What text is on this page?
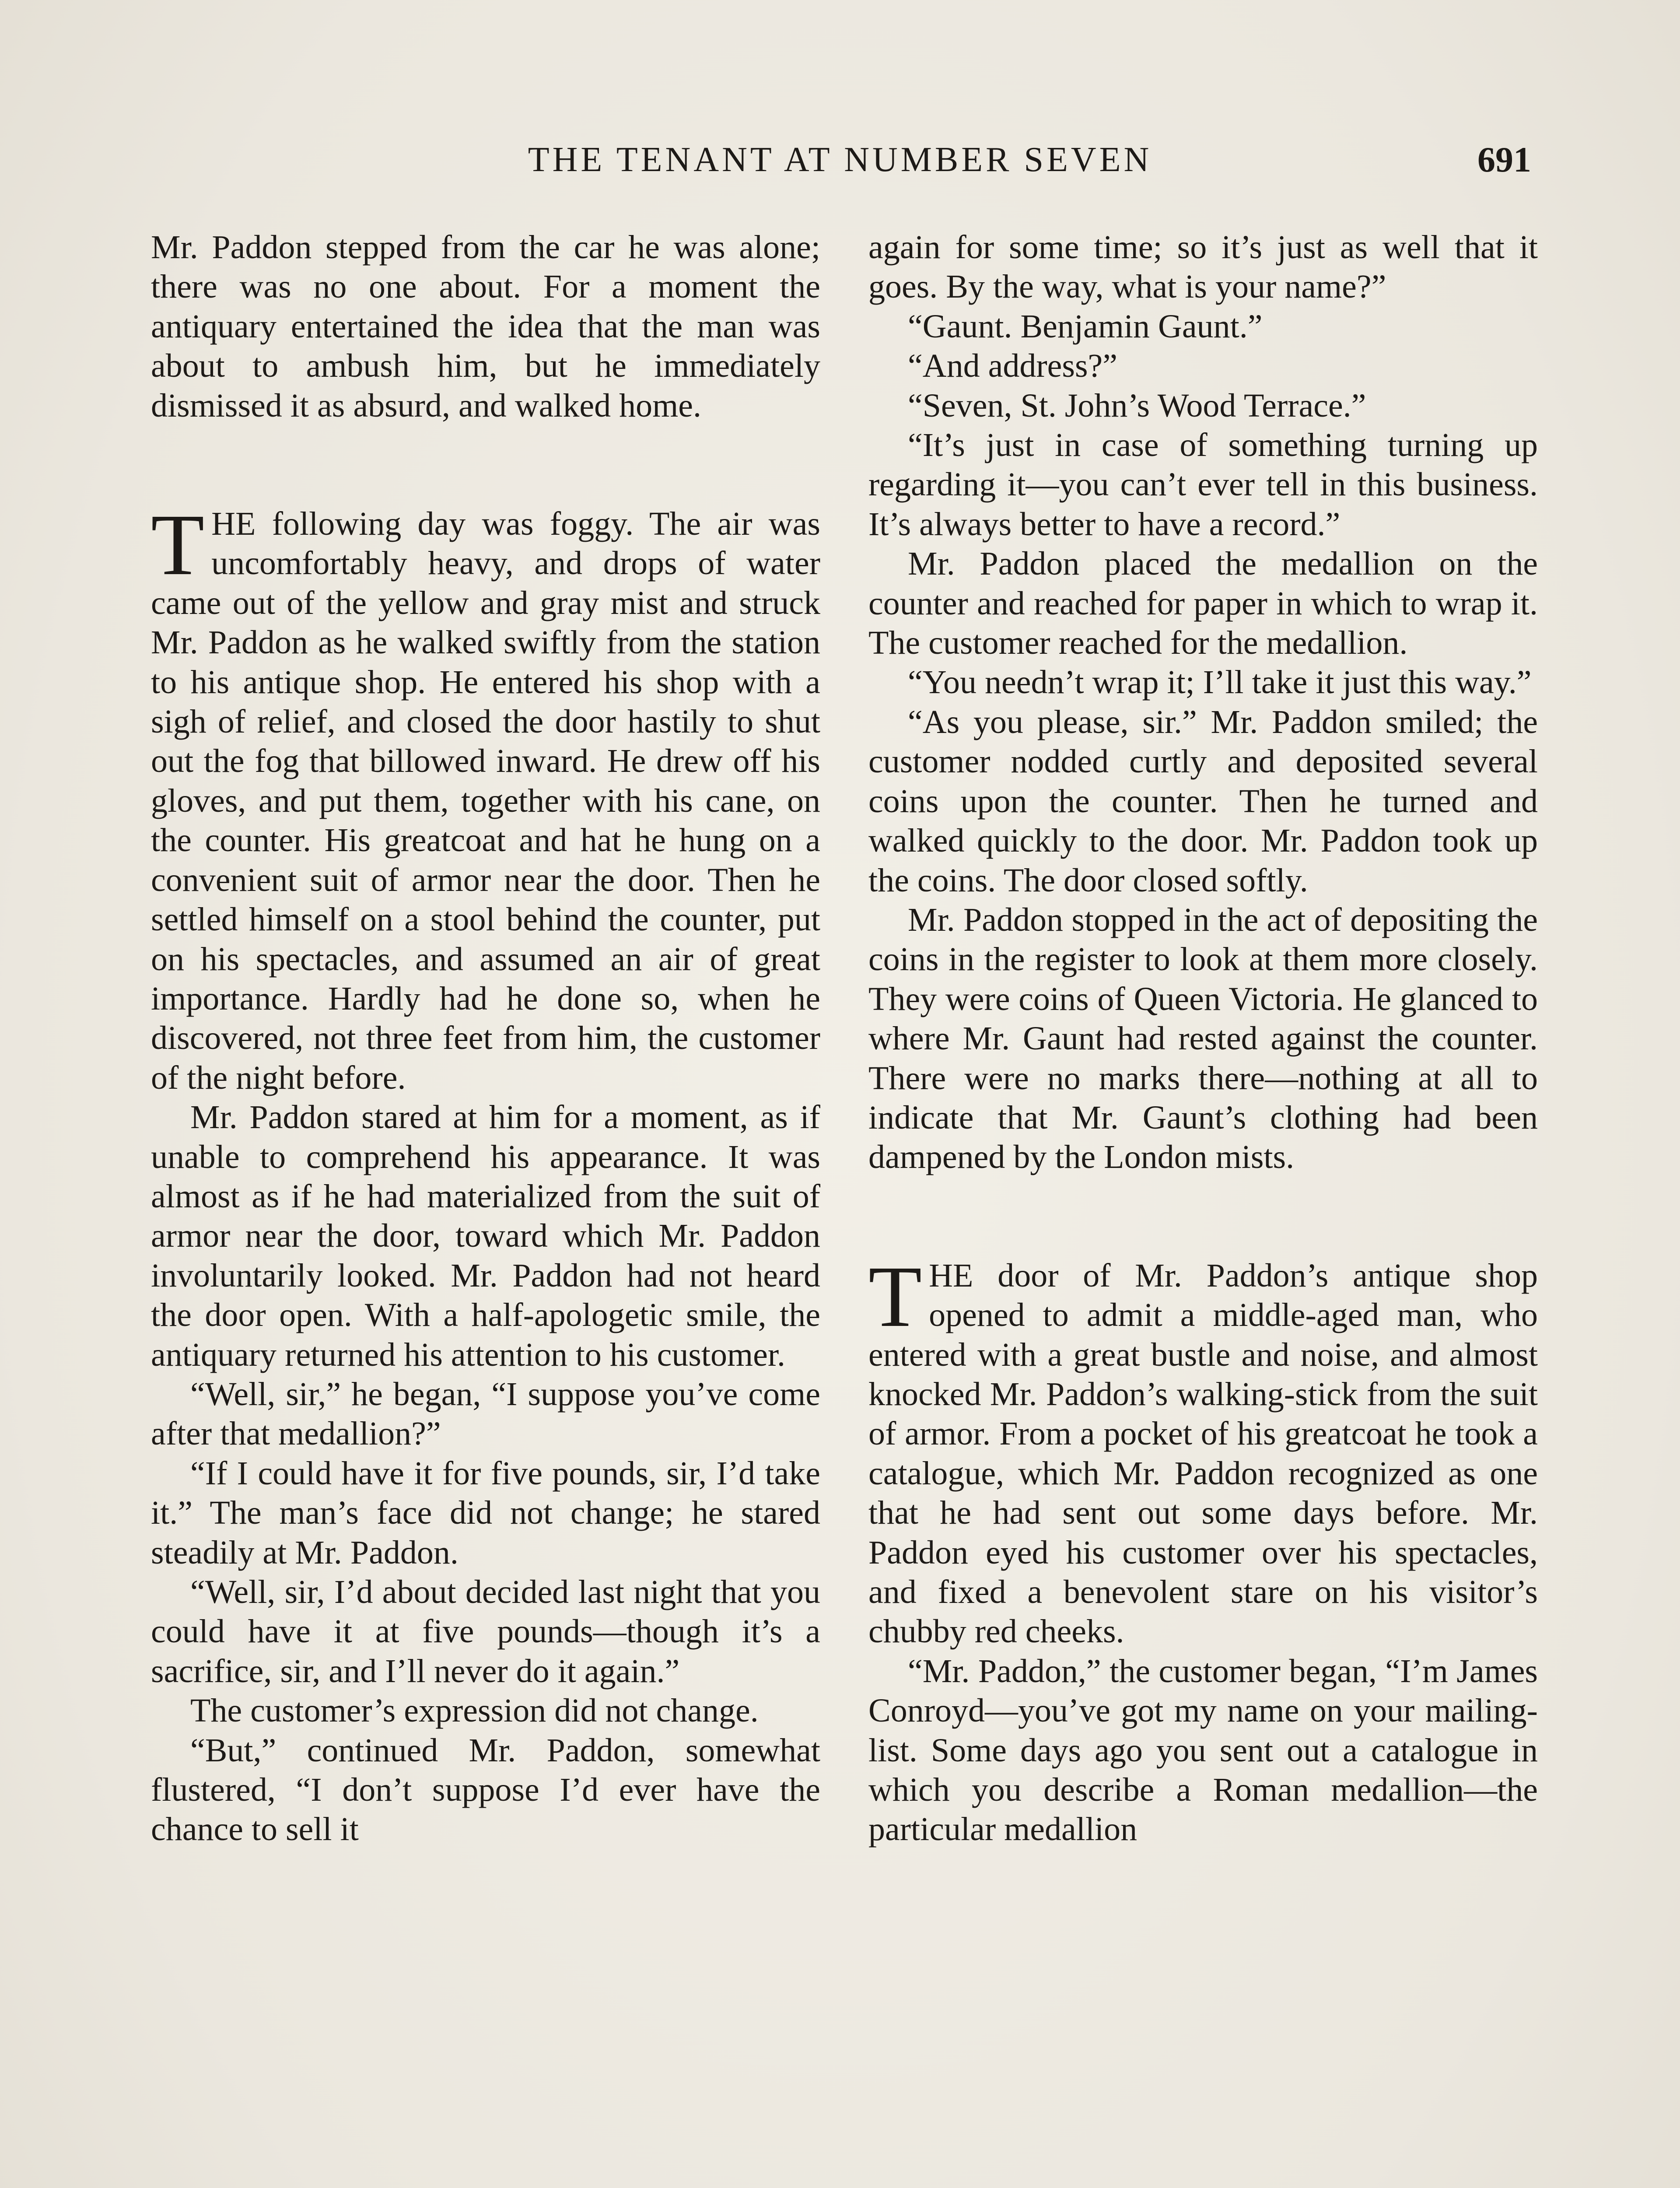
THE TENANT AT NUMBER SEVEN	691

Mr. Paddon stepped from the car he was alone; there was no one about. For a moment the antiquary entertained the idea that the man was about to ambush him, but he immediately dismissed it as absurd, and walked home.

THE following day was foggy. The air was uncomfortably heavy, and drops of water came out of the yellow and gray mist and struck Mr. Paddon as he walked swiftly from the station to his antique shop. He entered his shop with a sigh of relief, and closed the door hastily to shut out the fog that billowed inward. He drew off his gloves, and put them, together with his cane, on the counter. His greatcoat and hat he hung on a convenient suit of armor near the door. Then he settled himself on a stool behind the counter, put on his spectacles, and assumed an air of great importance. Hardly had he done so, when he discovered, not three feet from him, the customer of the night before.

Mr. Paddon stared at him for a moment, as if unable to comprehend his appearance. It was almost as if he had materialized from the suit of armor near the door, toward which Mr. Paddon involuntarily looked. Mr. Paddon had not heard the door open. With a half-apologetic smile, the antiquary returned his attention to his customer.

“Well, sir,” he began, “I suppose you’ve come after that medallion?”

“If I could have it for five pounds, sir, I’d take it.” The man’s face did not change; he stared steadily at Mr. Paddon.

“Well, sir, I’d about decided last night that you could have it at five pounds—though it’s a sacrifice, sir, and I’ll never do it again.”

The customer’s expression did not change.

“But,” continued Mr. Paddon, somewhat flustered, “I don’t suppose I’d ever have the chance to sell it

again for some time; so it’s just as well that it goes. By the way, what is your name?”

“Gaunt. Benjamin Gaunt.”

“And address?”

“Seven, St. John’s Wood Terrace.”

“It’s just in case of something turning up regarding it—you can’t ever tell in this business. It’s always better to have a record.”

Mr. Paddon placed the medallion on the counter and reached for paper in which to wrap it. The customer reached for the medallion.

“You needn’t wrap it; I’ll take it just this way.”

“As you please, sir.” Mr. Paddon smiled; the customer nodded curtly and deposited several coins upon the counter. Then he turned and walked quickly to the door. Mr. Paddon took up the coins. The door closed softly.

Mr. Paddon stopped in the act of depositing the coins in the register to look at them more closely. They were coins of Queen Victoria. He glanced to where Mr. Gaunt had rested against the counter. There were no marks there—nothing at all to indicate that Mr. Gaunt’s clothing had been dampened by the London mists.

THE door of Mr. Paddon’s antique shop opened to admit a middle-aged man, who entered with a great bustle and noise, and almost knocked Mr. Paddon’s walking-stick from the suit of armor. From a pocket of his greatcoat he took a catalogue, which Mr. Paddon recognized as one that he had sent out some days before. Mr. Paddon eyed his customer over his spectacles, and fixed a benevolent stare on his visitor’s chubby red cheeks.

“Mr. Paddon,” the customer began, “I’m James Conroyd—you’ve got my name on your mailing-list. Some days ago you sent out a catalogue in which you describe a Roman medallion—the particular medallion
